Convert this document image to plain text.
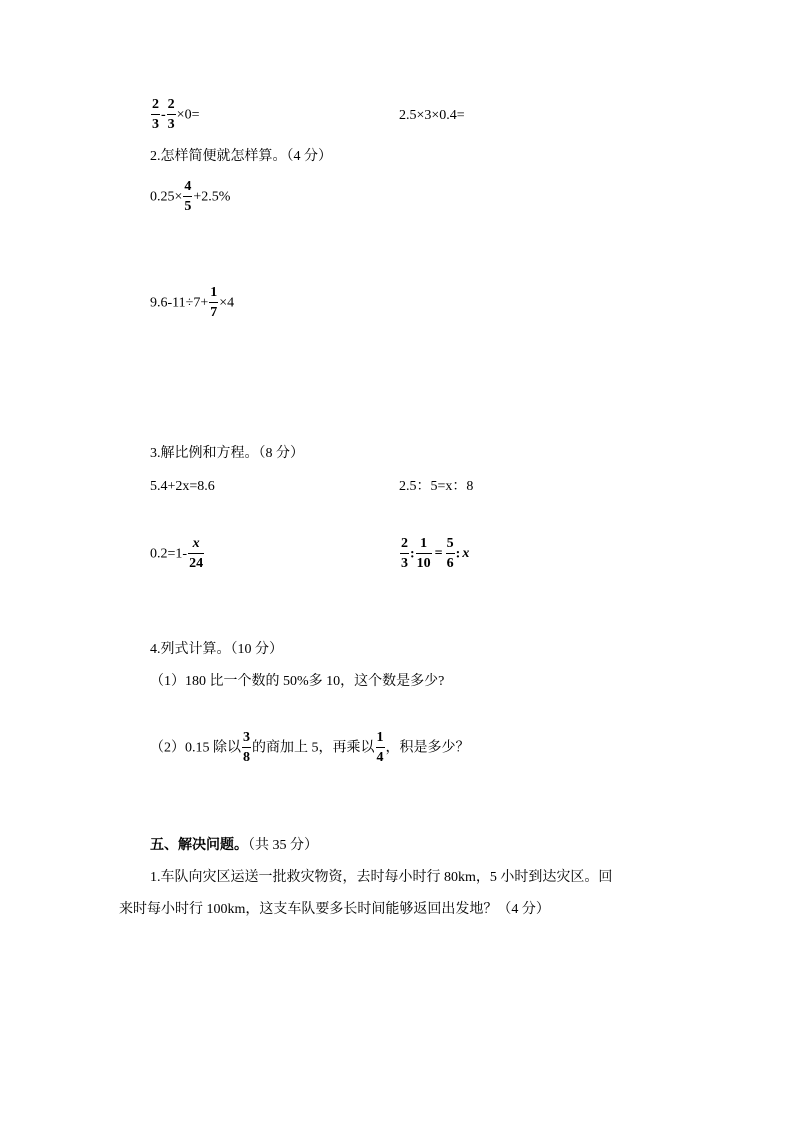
$\frac{2}{3} - \frac{2}{3} \times 0=$	2.5×3×0.4=
2.怎样简便就怎样算。（4 分）
$0.25\times \frac{4}{5} +2.5\%$
$9.6-11\div 7+ \frac{1}{7} \times 4$
3.解比例和方程。（8 分）
5.4+2x=8.6	2.5：5=x：8
$0.2=1- \frac{x}{24}$	$\frac{2}{3}$ : $\frac{1}{10} = \frac{5}{6}$ : x
4.列式计算。（10 分）
（1）180 比一个数的 50%多 10，这个数是多少?
（2）0.15 除以 $\frac{3}{8}$ 的商加上 5，再乘以 $\frac{1}{4}$ ，积是多少？
五、解决问题。（共 35 分）
1.车队向灾区运送一批救灾物资，去时每小时行 80km，5 小时到达灾区。回
来时每小时行 100km，这支车队要多长时间能够返回出发地？（4 分）
